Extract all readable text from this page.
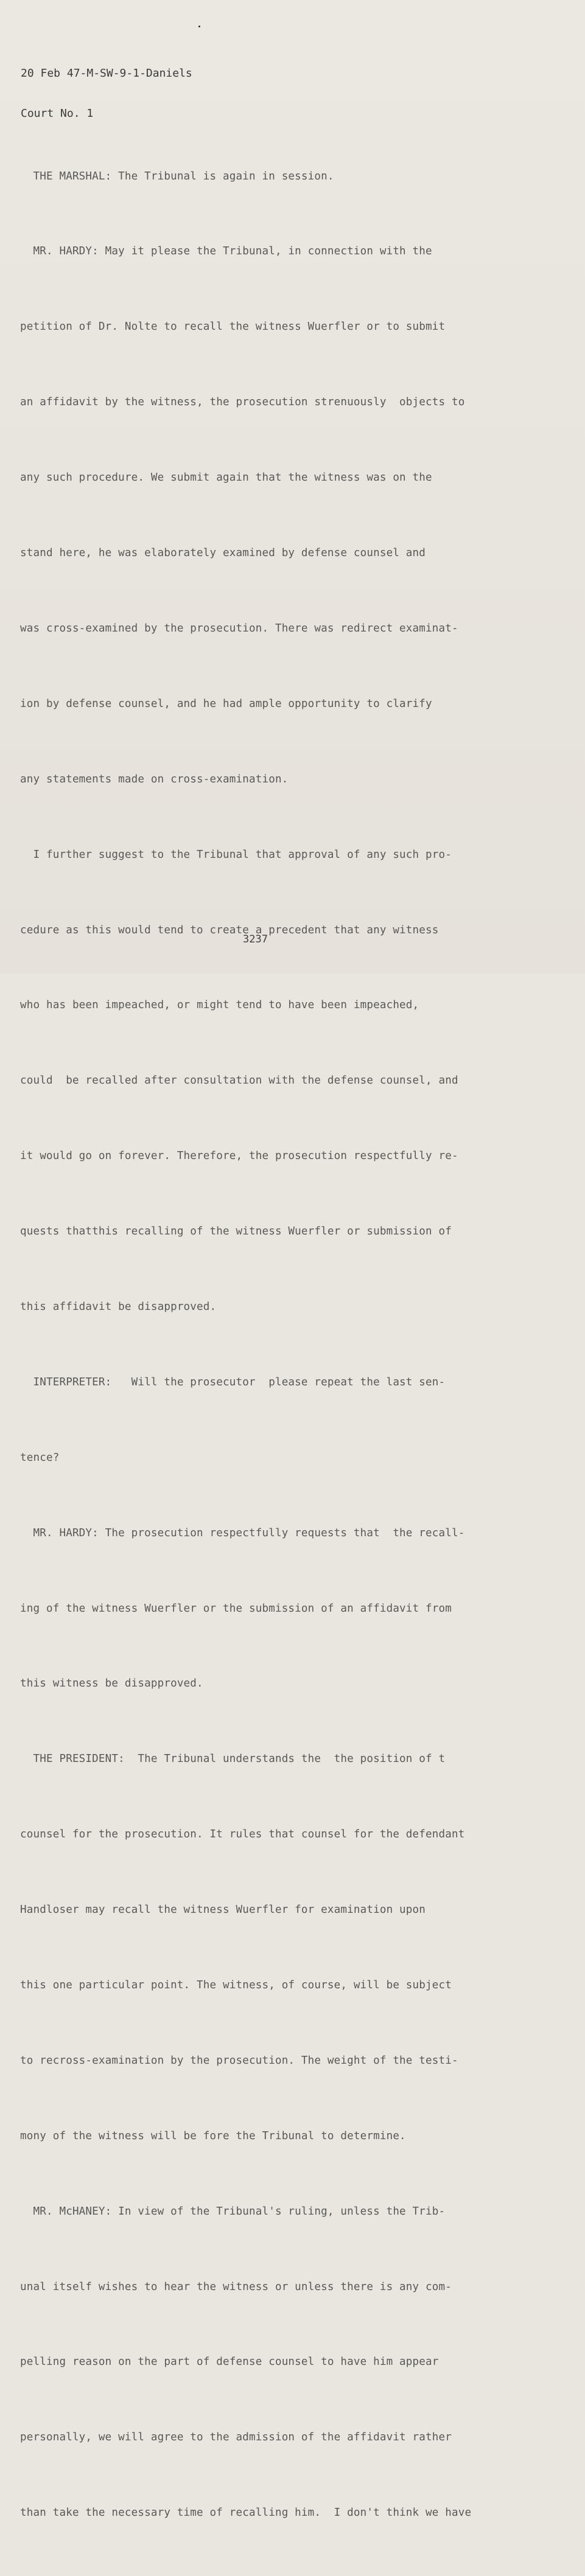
20 Feb 47-M-SW-9-1-Daniels

Court No. 1

THE MARSHAL: The Tribunal is again in session.

MR. HARDY: May it please the Tribunal, in connection with the

petition of Dr. Nolte to recall the witness Wuerfler or to submit

an affidavit by the witness, the prosecution strenuously  objects to

any such procedure. We submit again that the witness was on the

stand here, he was elaborately examined by defense counsel and

was cross-examined by the prosecution. There was redirect examinat-

ion by defense counsel, and he had ample opportunity to clarify

any statements made on cross-examination.

I further suggest to the Tribunal that approval of any such pro-

cedure as this would tend to create a precedent that any witness

who has been impeached, or might tend to have been impeached,

could  be recalled after consultation with the defense counsel, and

it would go on forever. Therefore, the prosecution respectfully re-

quests thatthis recalling of the witness Wuerfler or submission of

this affidavit be disapproved.

INTERPRETER:   Will the prosecutor  please repeat the last sen-

tence?

MR. HARDY: The prosecution respectfully requests that  the recall-

ing of the witness Wuerfler or the submission of an affidavit from

this witness be disapproved.

THE PRESIDENT:  The Tribunal understands the  the position of t

counsel for the prosecution. It rules that counsel for the defendant

Handloser may recall the witness Wuerfler for examination upon

this one particular point. The witness, of course, will be subject

to recross-examination by the prosecution. The weight of the testi-

mony of the witness will be fore the Tribunal to determine.

MR. McHANEY: In view of the Tribunal's ruling, unless the Trib-

unal itself wishes to hear the witness or unless there is any com-

pelling reason on the part of defense counsel to have him appear

personally, we will agree to the admission of the affidavit rather

than take the necessary time of recalling him.  I don't think we have

3237
